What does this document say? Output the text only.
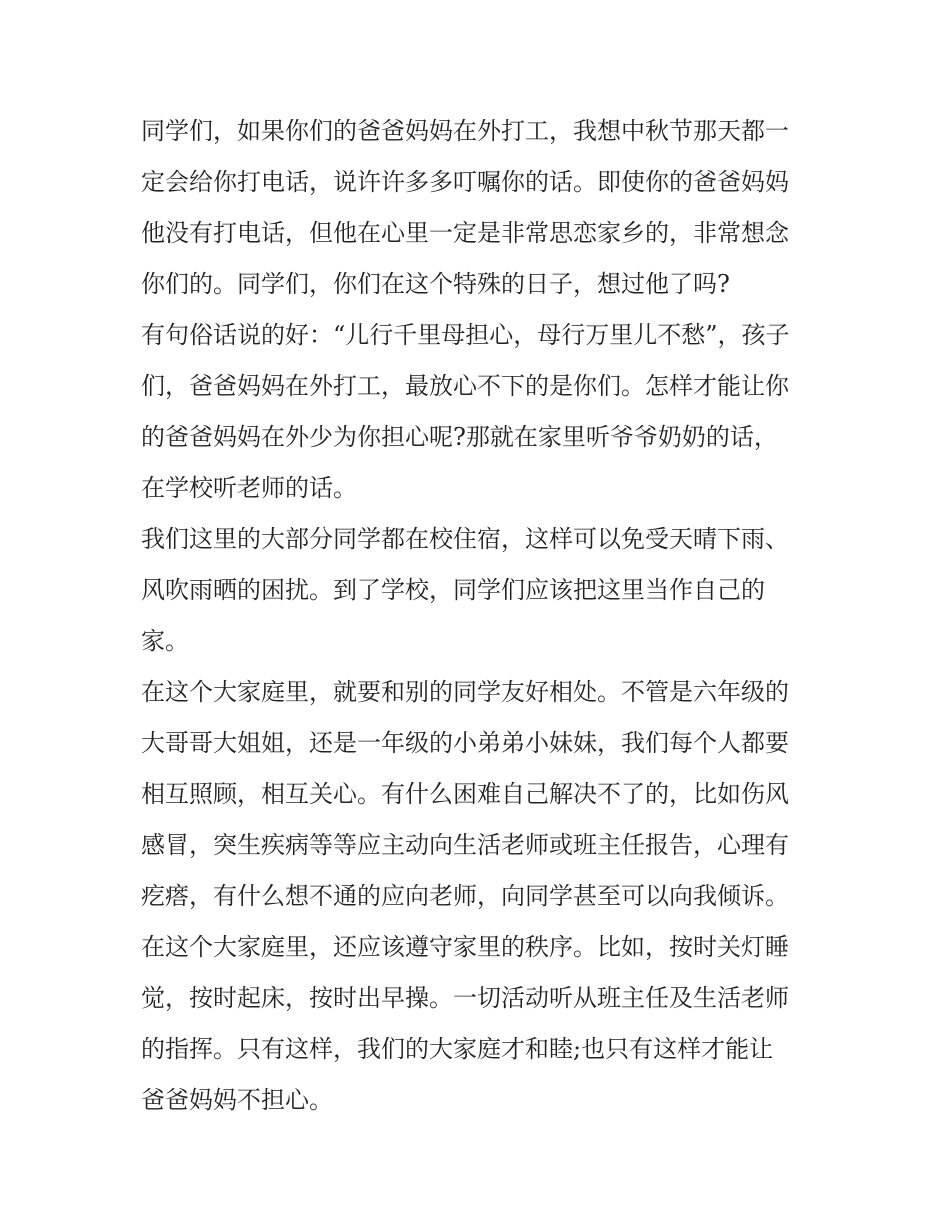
同学们，如果你们的爸爸妈妈在外打工，我想中秋节那天都一
定会给你打电话，说许许多多叮嘱你的话。即使你的爸爸妈妈
他没有打电话，但他在心里一定是非常思恋家乡的，非常想念
你们的。同学们，你们在这个特殊的日子，想过他了吗?
有句俗话说的好：“儿行千里母担心，母行万里儿不愁”，孩子
们，爸爸妈妈在外打工，最放心不下的是你们。怎样才能让你
的爸爸妈妈在外少为你担心呢?那就在家里听爷爷奶奶的话，
在学校听老师的话。
我们这里的大部分同学都在校住宿，这样可以免受天晴下雨、
风吹雨晒的困扰。到了学校，同学们应该把这里当作自己的
家。
在这个大家庭里，就要和别的同学友好相处。不管是六年级的
大哥哥大姐姐，还是一年级的小弟弟小妹妹，我们每个人都要
相互照顾，相互关心。有什么困难自己解决不了的，比如伤风
感冒，突生疾病等等应主动向生活老师或班主任报告，心理有
疙瘩，有什么想不通的应向老师，向同学甚至可以向我倾诉。
在这个大家庭里，还应该遵守家里的秩序。比如，按时关灯睡
觉，按时起床，按时出早操。一切活动听从班主任及生活老师
的指挥。只有这样，我们的大家庭才和睦;也只有这样才能让
爸爸妈妈不担心。
